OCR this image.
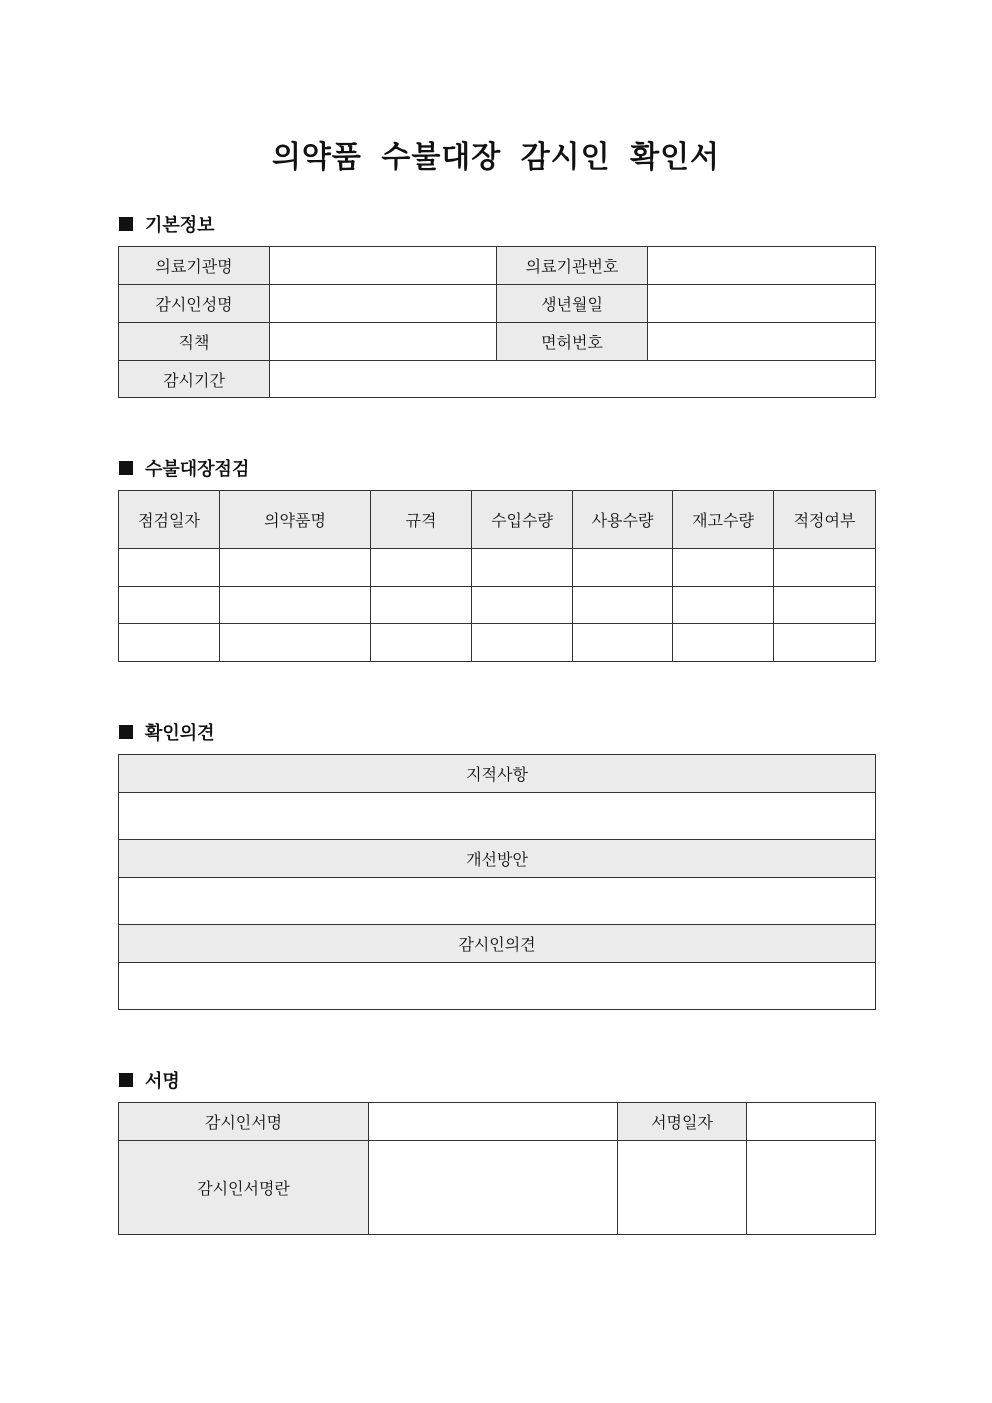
의약품 수불대장 감시인 확인서
기본정보
의료기관명		의료기관번호	
감시인성명		생년월일	
직책		면허번호	
감시기간			
수불대장점검
점검일자	의약품명	규격	수입수량	사용수량	재고수량	적정여부

확인의견
지적사항

개선방안

감시인의견

서명
감시인서명		서명일자	
감시인서명란			
